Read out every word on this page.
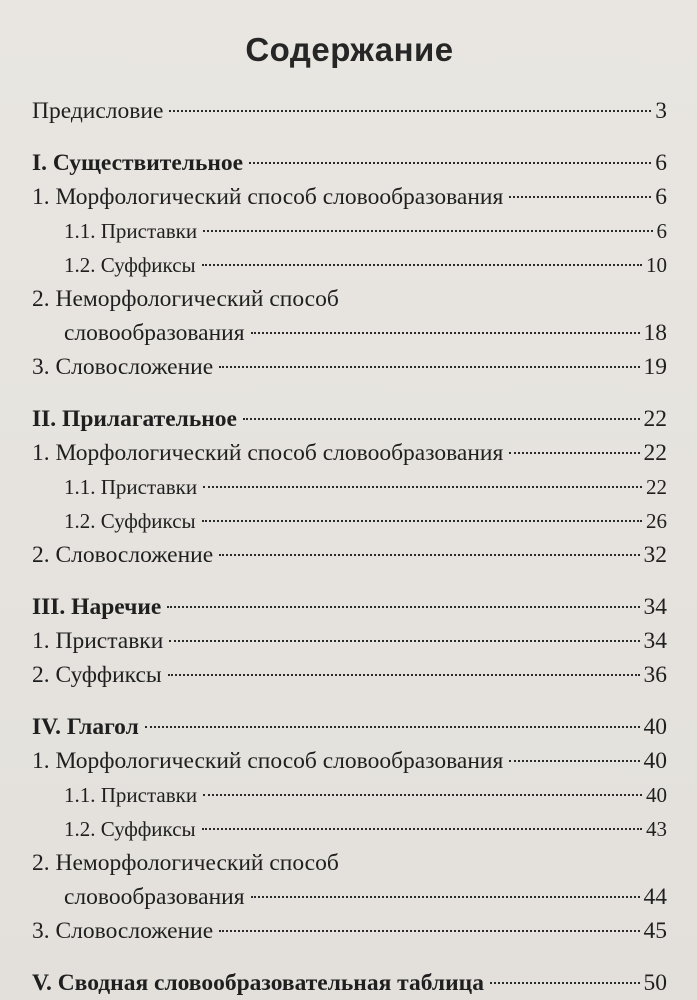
Содержание
Предисловие	3
I. Существительное	6
1. Морфологический способ словообразования	6
1.1. Приставки	6
1.2. Суффиксы	10
2. Неморфологический способ
словообразования	18
3. Словосложение	19
II. Прилагательное	22
1. Морфологический способ словообразования	22
1.1. Приставки	22
1.2. Суффиксы	26
2. Словосложение	32
III. Наречие	34
1. Приставки	34
2. Суффиксы	36
IV. Глагол	40
1. Морфологический способ словообразования	40
1.1. Приставки	40
1.2. Суффиксы	43
2. Неморфологический способ
словообразования	44
3. Словосложение	45
V. Сводная словообразовательная таблица	50
